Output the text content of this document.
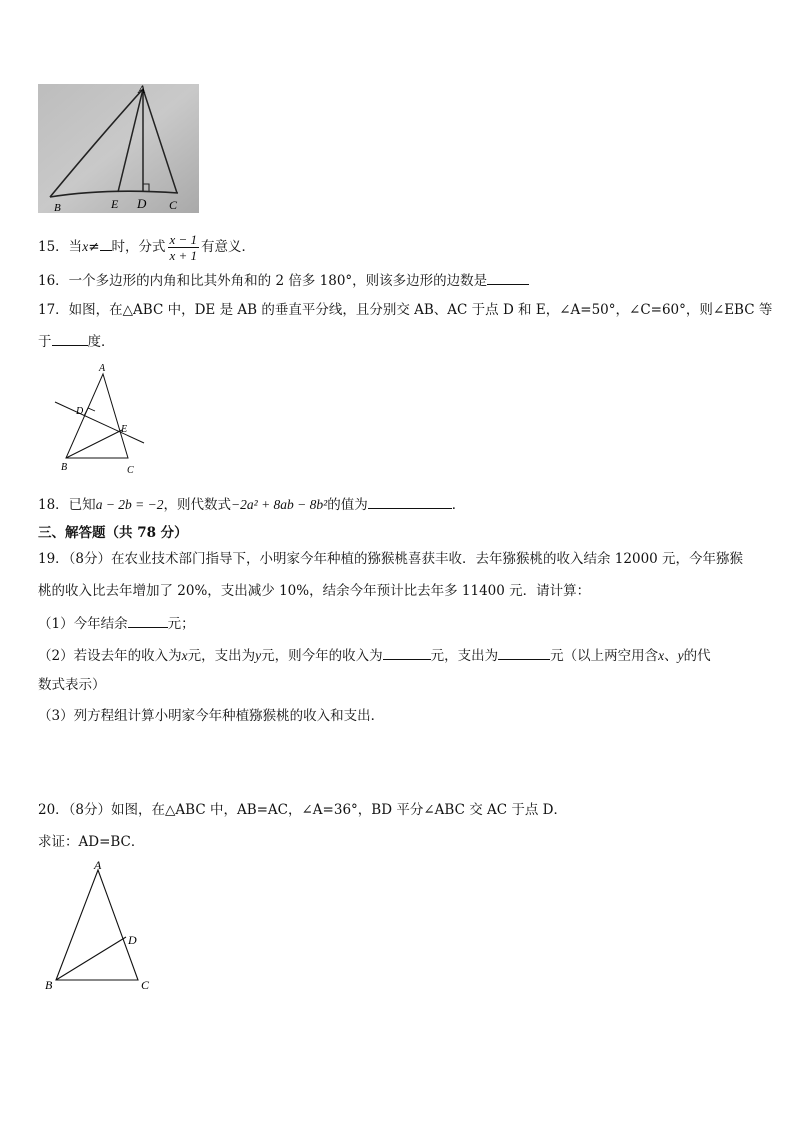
A
B	E D C
15．当x≠ 时，分式 $\frac{x - 1}{x + 1}$ 有意义．
16．一个多边形的内角和比其外角和的 2 倍多 180°，则该多边形的边数是
17．如图，在△ABC 中，DE 是 AB 的垂直平分线，且分别交 AB、AC 于点 D 和 E，∠A=50°，∠C=60°，则∠EBC 等
于	度．
A
D
E
B	C
18．已知a − 2b = −2，则代数式−2a² + 8ab − 8b²的值为	．
三、解答题（共 78 分）
19．（8分）在农业技术部门指导下，小明家今年种植的猕猴桃喜获丰收．去年猕猴桃的收入结余 12000 元，今年猕猴
桃的收入比去年增加了 20%，支出减少 10%，结余今年预计比去年多 11400 元．请计算：
（1）今年结余	元；
（2）若设去年的收入为x元，支出为y元，则今年的收入为	元，支出为	元（以上两空用含x、y的代
数式表示）
（3）列方程组计算小明家今年种植猕猴桃的收入和支出．
20．（8分）如图，在△ABC 中，AB=AC，∠A=36°，BD 平分∠ABC 交 AC 于点 D．
求证：AD=BC．
A
D
B	C
